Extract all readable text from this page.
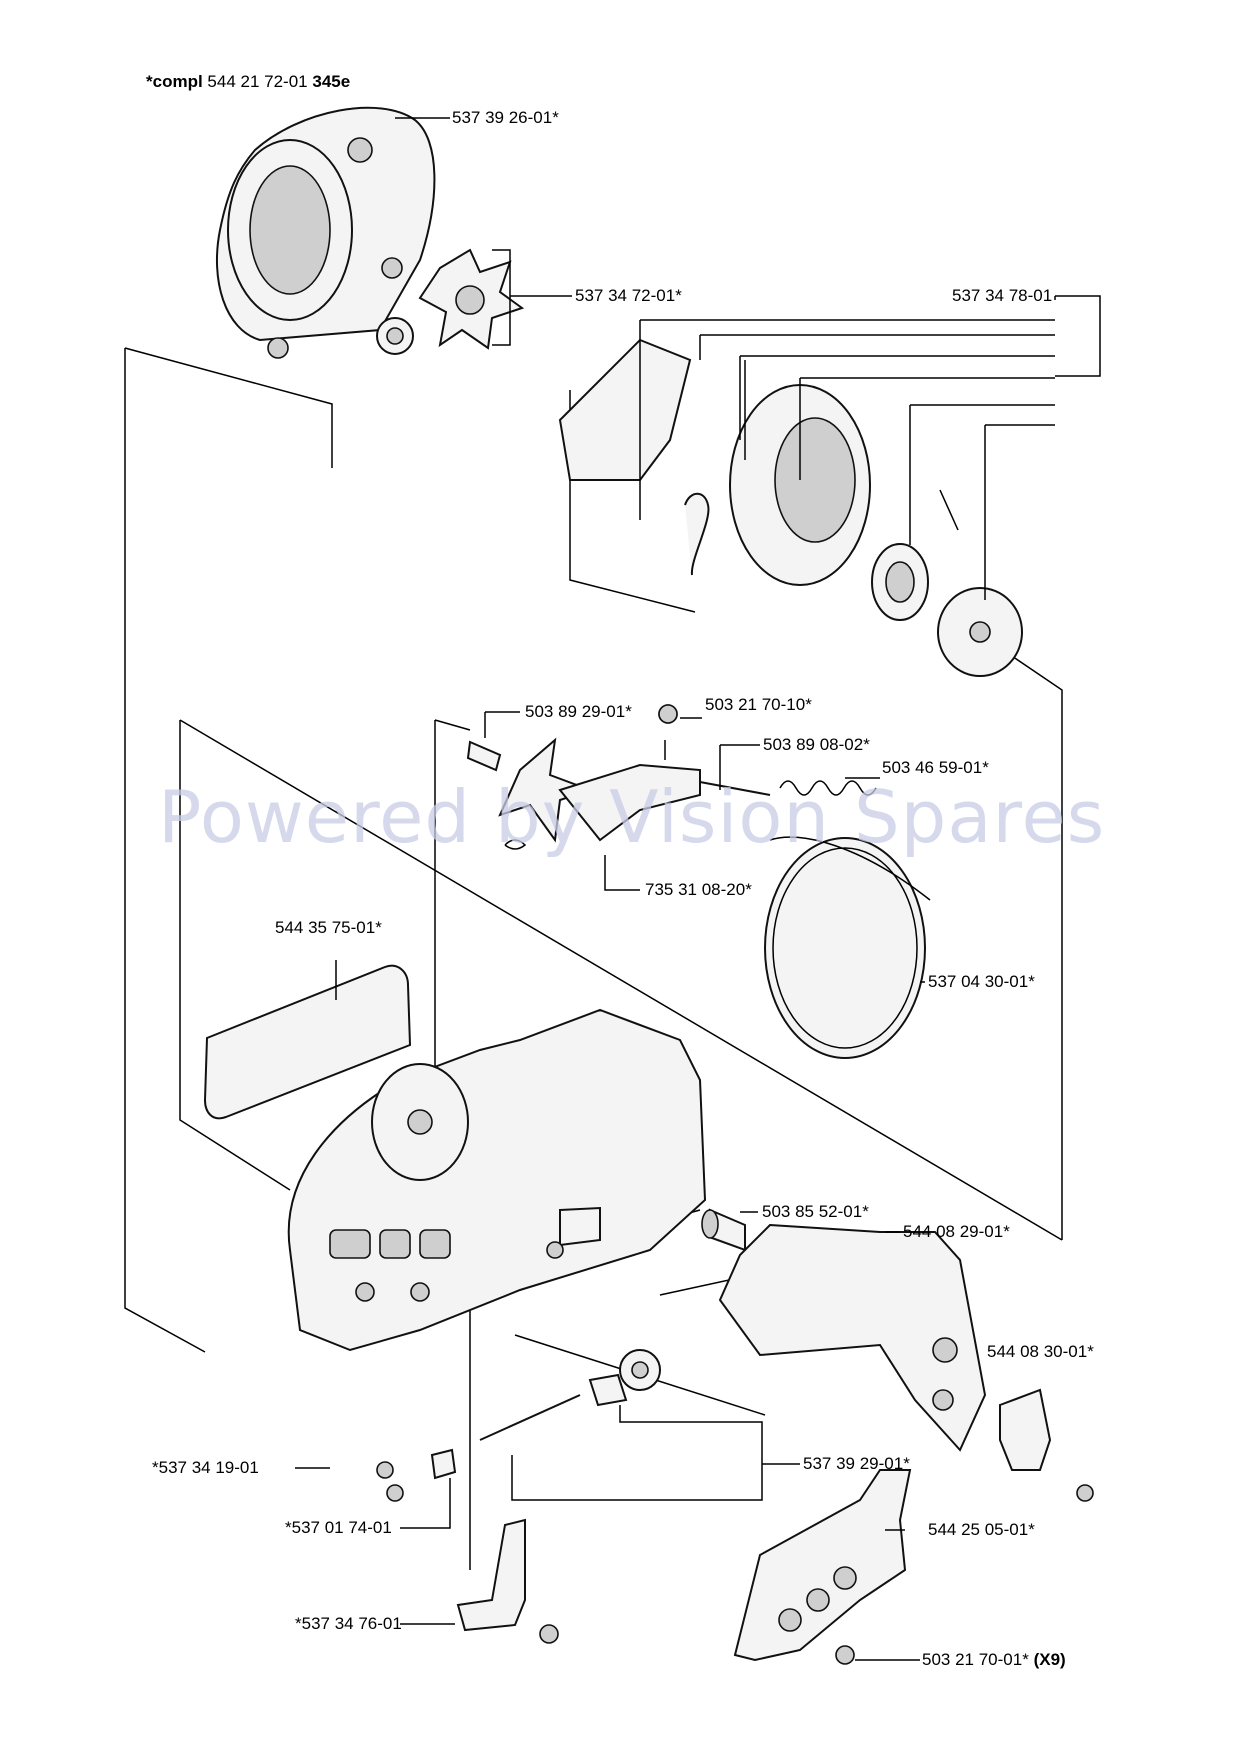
Powered by Vision Spares
*compl 544 21 72-01 345e
537 39 26-01*
537 34 72-01*	537 34 78-01
503 89 29-01*	503 21 70-10*
503 89 08-02*
503 46 59-01*
735 31 08-20*
544 35 75-01*
537 04 30-01*
503 85 52-01*
544 08 29-01*
544 08 30-01*
*537 34 19-01	537 39 29-01*
*537 01 74-01	544 25 05-01*
*537 34 76-01
503 21 70-01* (X9)
